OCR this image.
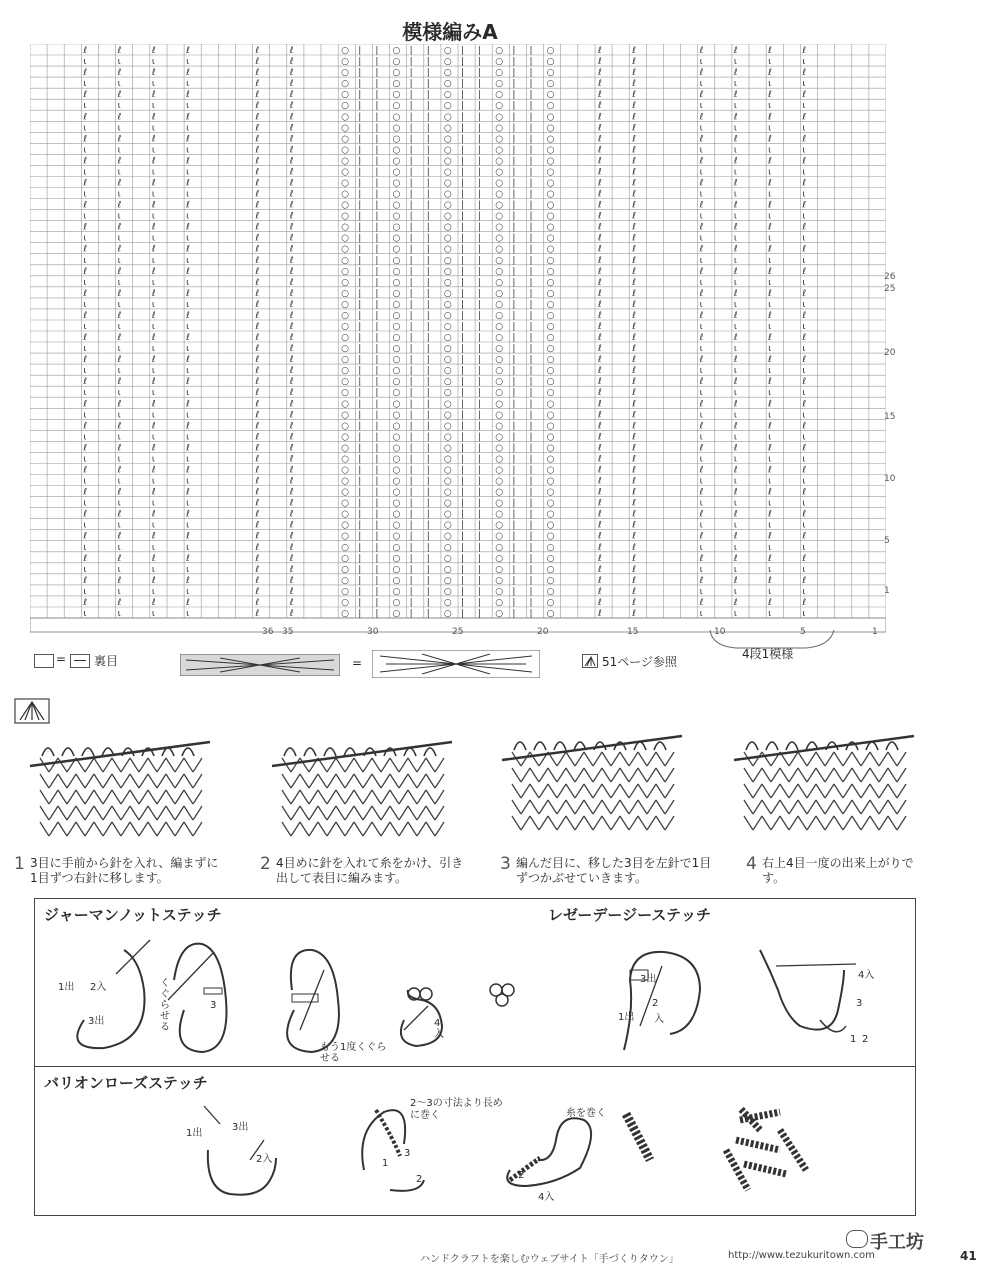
模様編みA
ℓ	ℓ	ℓ	ℓ	ℓ	ℓ	○ | | ○ | | ○ | | ○ | | ○	ℓ	ℓ	ℓ	ℓ	ℓ	ℓ
ɩ	ɩ	ɩ	ɩ	ℓ	ℓ	○ | | ○ | | ○ | | ○ | | ○	ℓ	ℓ	ɩ	ɩ	ɩ	ɩ
ℓ	ℓ	ℓ	ℓ	ℓ	ℓ	○ | | ○ | | ○ | | ○ | | ○	ℓ	ℓ	ℓ	ℓ	ℓ	ℓ
ɩ	ɩ	ɩ	ɩ	ℓ	ℓ	○ | | ○ | | ○ | | ○ | | ○	ℓ	ℓ	ɩ	ɩ	ɩ	ɩ
ℓ	ℓ	ℓ	ℓ	ℓ	ℓ	○ | | ○ | | ○ | | ○ | | ○	ℓ	ℓ	ℓ	ℓ	ℓ	ℓ
ɩ	ɩ	ɩ	ɩ	ℓ	ℓ	○ | | ○ | | ○ | | ○ | | ○	ℓ	ℓ	ɩ	ɩ	ɩ	ɩ
ℓ	ℓ	ℓ	ℓ	ℓ	ℓ	○ | | ○ | | ○ | | ○ | | ○	ℓ	ℓ	ℓ	ℓ	ℓ	ℓ
ɩ	ɩ	ɩ	ɩ	ℓ	ℓ	○ | | ○ | | ○ | | ○ | | ○	ℓ	ℓ	ɩ	ɩ	ɩ	ɩ
ℓ	ℓ	ℓ	ℓ	ℓ	ℓ	○ | | ○ | | ○ | | ○ | | ○	ℓ	ℓ	ℓ	ℓ	ℓ	ℓ
ɩ	ɩ	ɩ	ɩ	ℓ	ℓ	○ | | ○ | | ○ | | ○ | | ○	ℓ	ℓ	ɩ	ɩ	ɩ	ɩ
ℓ	ℓ	ℓ	ℓ	ℓ	ℓ	○ | | ○ | | ○ | | ○ | | ○	ℓ	ℓ	ℓ	ℓ	ℓ	ℓ
ɩ	ɩ	ɩ	ɩ	ℓ	ℓ	○ | | ○ | | ○ | | ○ | | ○	ℓ	ℓ	ɩ	ɩ	ɩ	ɩ
ℓ	ℓ	ℓ	ℓ	ℓ	ℓ	○ | | ○ | | ○ | | ○ | | ○	ℓ	ℓ	ℓ	ℓ	ℓ	ℓ
ɩ	ɩ	ɩ	ɩ	ℓ	ℓ	○ | | ○ | | ○ | | ○ | | ○	ℓ	ℓ	ɩ	ɩ	ɩ	ɩ
ℓ	ℓ	ℓ	ℓ	ℓ	ℓ	○ | | ○ | | ○ | | ○ | | ○	ℓ	ℓ	ℓ	ℓ	ℓ	ℓ
ɩ	ɩ	ɩ	ɩ	ℓ	ℓ	○ | | ○ | | ○ | | ○ | | ○	ℓ	ℓ	ɩ	ɩ	ɩ	ɩ
ℓ	ℓ	ℓ	ℓ	ℓ	ℓ	○ | | ○ | | ○ | | ○ | | ○	ℓ	ℓ	ℓ	ℓ	ℓ	ℓ
ɩ	ɩ	ɩ	ɩ	ℓ	ℓ	○ | | ○ | | ○ | | ○ | | ○	ℓ	ℓ	ɩ	ɩ	ɩ	ɩ
ℓ	ℓ	ℓ	ℓ	ℓ	ℓ	○ | | ○ | | ○ | | ○ | | ○	ℓ	ℓ	ℓ	ℓ	ℓ	ℓ
ɩ	ɩ	ɩ	ɩ	ℓ	ℓ	○ | | ○ | | ○ | | ○ | | ○	ℓ	ℓ	ɩ	ɩ	ɩ	ɩ
ℓ	ℓ	ℓ	ℓ	ℓ	ℓ	○ | | ○ | | ○ | | ○ | | ○	ℓ	ℓ	ℓ	ℓ	ℓ	ℓ
ɩ	ɩ	ɩ	ɩ	ℓ	ℓ	○ | | ○ | | ○ | | ○ | | ○	ℓ	ℓ	ɩ	ɩ	ɩ	ɩ
ℓ	ℓ	ℓ	ℓ	ℓ	ℓ	○ | | ○ | | ○ | | ○ | | ○	ℓ	ℓ	ℓ	ℓ	ℓ	ℓ
ɩ	ɩ	ɩ	ɩ	ℓ	ℓ	○ | | ○ | | ○ | | ○ | | ○	ℓ	ℓ	ɩ	ɩ	ɩ	ɩ
ℓ	ℓ	ℓ	ℓ	ℓ	ℓ	○ | | ○ | | ○ | | ○ | | ○	ℓ	ℓ	ℓ	ℓ	ℓ	ℓ
ɩ	ɩ	ɩ	ɩ	ℓ	ℓ	○ | | ○ | | ○ | | ○ | | ○	ℓ	ℓ	ɩ	ɩ	ɩ	ɩ
ℓ	ℓ	ℓ	ℓ	ℓ	ℓ	○ | | ○ | | ○ | | ○ | | ○	ℓ	ℓ	ℓ	ℓ	ℓ	ℓ
ɩ	ɩ	ɩ	ɩ	ℓ	ℓ	○ | | ○ | | ○ | | ○ | | ○	ℓ	ℓ	ɩ	ɩ	ɩ	ɩ
ℓ	ℓ	ℓ	ℓ	ℓ	ℓ	○ | | ○ | | ○ | | ○ | | ○	ℓ	ℓ	ℓ	ℓ	ℓ	ℓ
ɩ	ɩ	ɩ	ɩ	ℓ	ℓ	○ | | ○ | | ○ | | ○ | | ○	ℓ	ℓ	ɩ	ɩ	ɩ	ɩ
ℓ	ℓ	ℓ	ℓ	ℓ	ℓ	○ | | ○ | | ○ | | ○ | | ○	ℓ	ℓ	ℓ	ℓ	ℓ	ℓ
ɩ	ɩ	ɩ	ɩ	ℓ	ℓ	○ | | ○ | | ○ | | ○ | | ○	ℓ	ℓ	ɩ	ɩ	ɩ	ɩ
ℓ	ℓ	ℓ	ℓ	ℓ	ℓ	○ | | ○ | | ○ | | ○ | | ○	ℓ	ℓ	ℓ	ℓ	ℓ	ℓ
ɩ	ɩ	ɩ	ɩ	ℓ	ℓ	○ | | ○ | | ○ | | ○ | | ○	ℓ	ℓ	ɩ	ɩ	ɩ	ɩ
ℓ	ℓ	ℓ	ℓ	ℓ	ℓ	○ | | ○ | | ○ | | ○ | | ○	ℓ	ℓ	ℓ	ℓ	ℓ	ℓ
ɩ	ɩ	ɩ	ɩ	ℓ	ℓ	○ | | ○ | | ○ | | ○ | | ○	ℓ	ℓ	ɩ	ɩ	ɩ	ɩ
ℓ	ℓ	ℓ	ℓ	ℓ	ℓ	○ | | ○ | | ○ | | ○ | | ○	ℓ	ℓ	ℓ	ℓ	ℓ	ℓ
ɩ	ɩ	ɩ	ɩ	ℓ	ℓ	○ | | ○ | | ○ | | ○ | | ○	ℓ	ℓ	ɩ	ɩ	ɩ	ɩ
ℓ	ℓ	ℓ	ℓ	ℓ	ℓ	○ | | ○ | | ○ | | ○ | | ○	ℓ	ℓ	ℓ	ℓ	ℓ	ℓ
ɩ	ɩ	ɩ	ɩ	ℓ	ℓ	○ | | ○ | | ○ | | ○ | | ○	ℓ	ℓ	ɩ	ɩ	ɩ	ɩ
ℓ	ℓ	ℓ	ℓ	ℓ	ℓ	○ | | ○ | | ○ | | ○ | | ○	ℓ	ℓ	ℓ	ℓ	ℓ	ℓ
ɩ	ɩ	ɩ	ɩ	ℓ	ℓ	○ | | ○ | | ○ | | ○ | | ○	ℓ	ℓ	ɩ	ɩ	ɩ	ɩ
ℓ	ℓ	ℓ	ℓ	ℓ	ℓ	○ | | ○ | | ○ | | ○ | | ○	ℓ	ℓ	ℓ	ℓ	ℓ	ℓ
ɩ	ɩ	ɩ	ɩ	ℓ	ℓ	○ | | ○ | | ○ | | ○ | | ○	ℓ	ℓ	ɩ	ɩ	ɩ	ɩ
ℓ	ℓ	ℓ	ℓ	ℓ	ℓ	○ | | ○ | | ○ | | ○ | | ○	ℓ	ℓ	ℓ	ℓ	ℓ	ℓ
ɩ	ɩ	ɩ	ɩ	ℓ	ℓ	○ | | ○ | | ○ | | ○ | | ○	ℓ	ℓ	ɩ	ɩ	ɩ	ɩ
ℓ	ℓ	ℓ	ℓ	ℓ	ℓ	○ | | ○ | | ○ | | ○ | | ○	ℓ	ℓ	ℓ	ℓ	ℓ	ℓ
ɩ	ɩ	ɩ	ɩ	ℓ	ℓ	○ | | ○ | | ○ | | ○ | | ○	ℓ	ℓ	ɩ	ɩ	ɩ	ɩ
ℓ	ℓ	ℓ	ℓ	ℓ	ℓ	○ | | ○ | | ○ | | ○ | | ○	ℓ	ℓ	ℓ	ℓ	ℓ	ℓ
ɩ	ɩ	ɩ	ɩ	ℓ	ℓ	○ | | ○ | | ○ | | ○ | | ○	ℓ	ℓ	ɩ	ɩ	ɩ	ɩ
ℓ	ℓ	ℓ	ℓ	ℓ	ℓ	○ | | ○ | | ○ | | ○ | | ○	ℓ	ℓ	ℓ	ℓ	ℓ	ℓ
ɩ	ɩ	ɩ	ɩ	ℓ	ℓ	○ | | ○ | | ○ | | ○ | | ○	ℓ	ℓ	ɩ	ɩ	ɩ	ɩ
26
25
20
15
10
5
1
36 35	30	25	20	15	10	5	1
4段1模様
= 裏目	=	51ページ参照
1 3目に手前から針を入れ、編まずに1目ずつ右針に移します。
2 4目めに針を入れて糸をかけ、引き出して表目に編みます。
3 編んだ目に、移した3目を左針で1目ずつかぶせていきます。
4 右上4目一度の出来上がりです。
ジャーマンノットステッチ	レゼーデージーステッチ
バリオンローズステッチ
1出 2入
3出
くぐらせる
3
4入
もう1度くぐらせる
3出
2
1出 入
4入
3
1 2
1出
3出
2入
2～3の寸法より長めに巻く
1
3
2
糸を巻く
2
4入
手工坊
ハンドクラフトを楽しむウェブサイト「手づくりタウン」	http://www.tezukuritown.com	41
